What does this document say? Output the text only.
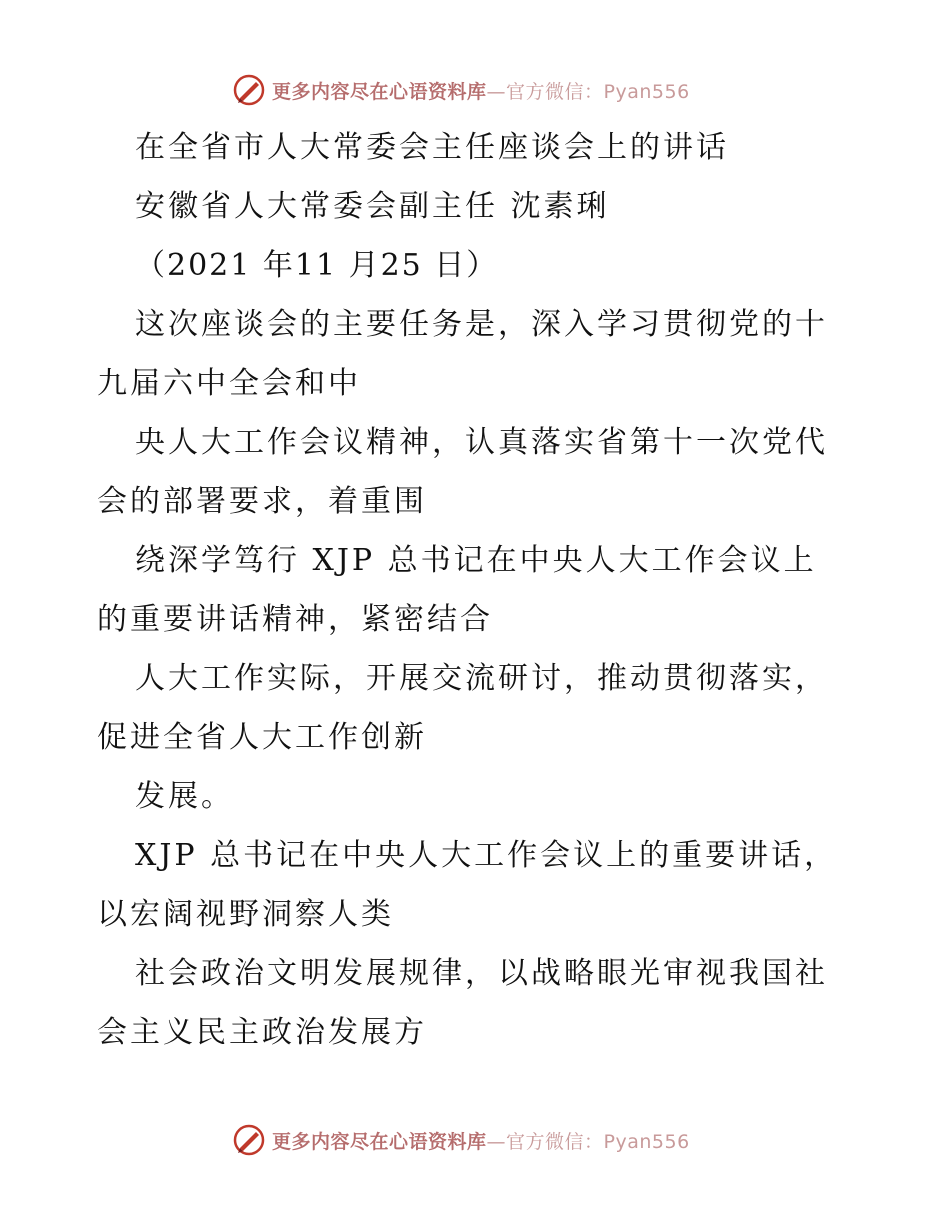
更多内容尽在心语资料库—官方微信：Pyan556
在全省市人大常委会主任座谈会上的讲话
安徽省人大常委会副主任 沈素琍
（2021 年11 月25 日）
这次座谈会的主要任务是，深入学习贯彻党的十
九届六中全会和中
央人大工作会议精神，认真落实省第十一次党代
会的部署要求，着重围
绕深学笃行 XJP 总书记在中央人大工作会议上
的重要讲话精神，紧密结合
人大工作实际，开展交流研讨，推动贯彻落实，
促进全省人大工作创新
发展。
XJP 总书记在中央人大工作会议上的重要讲话，
以宏阔视野洞察人类
社会政治文明发展规律，以战略眼光审视我国社
会主义民主政治发展方
更多内容尽在心语资料库—官方微信：Pyan556
